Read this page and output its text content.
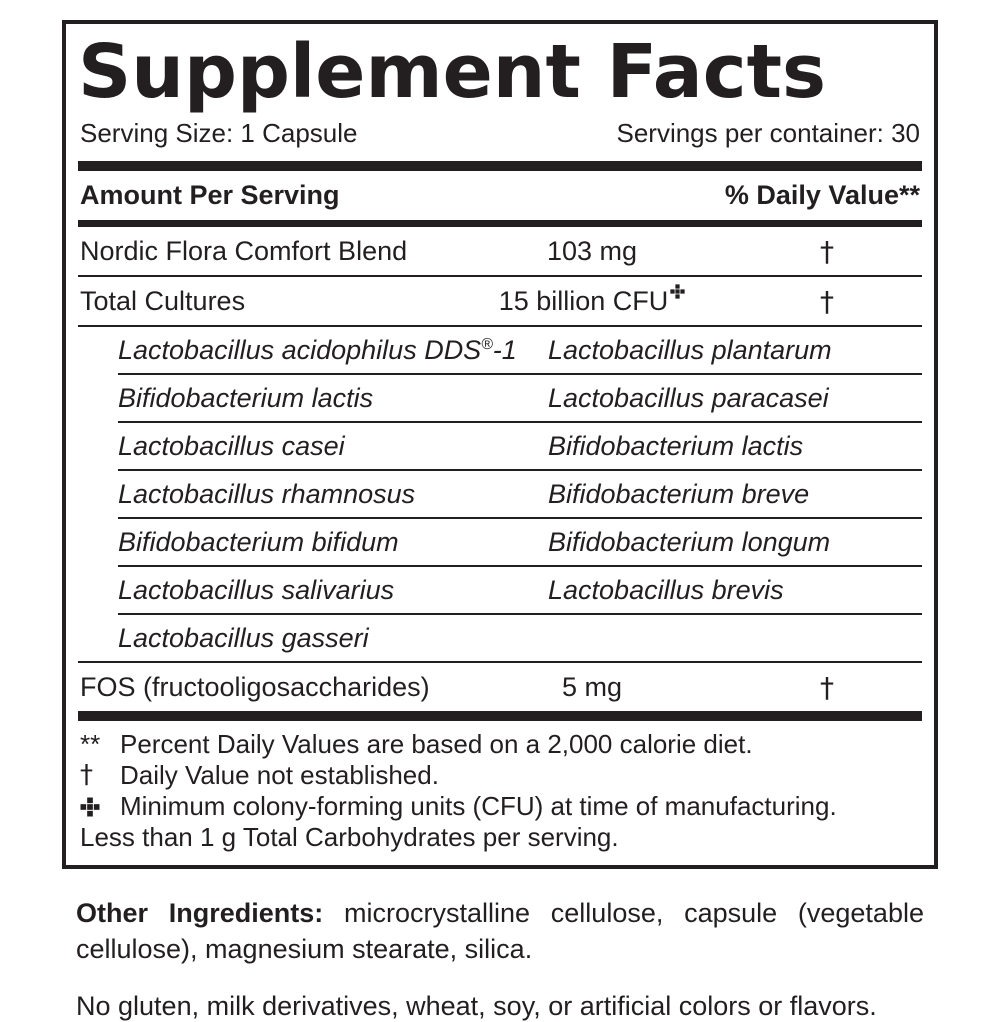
Supplement Facts
Serving Size: 1 Capsule	Servings per container: 30
Amount Per Serving	% Daily Value**
Nordic Flora Comfort Blend	103 mg	†
Total Cultures	15 billion CFU	†
Lactobacillus acidophilus DDS®-1	Lactobacillus plantarum
Bifidobacterium lactis	Lactobacillus paracasei
Lactobacillus casei	Bifidobacterium lactis
Lactobacillus rhamnosus	Bifidobacterium breve
Bifidobacterium bifidum	Bifidobacterium longum
Lactobacillus salivarius	Lactobacillus brevis
Lactobacillus gasseri
FOS (fructooligosaccharides)	5 mg	†
** Percent Daily Values are based on a 2,000 calorie diet.
†	Daily Value not established.
Minimum colony-forming units (CFU) at time of manufacturing.
Less than 1 g Total Carbohydrates per serving.

Other Ingredients: microcrystalline cellulose, capsule (vegetable cellulose), magnesium stearate, silica.

No gluten, milk derivatives, wheat, soy, or artificial colors or flavors.
